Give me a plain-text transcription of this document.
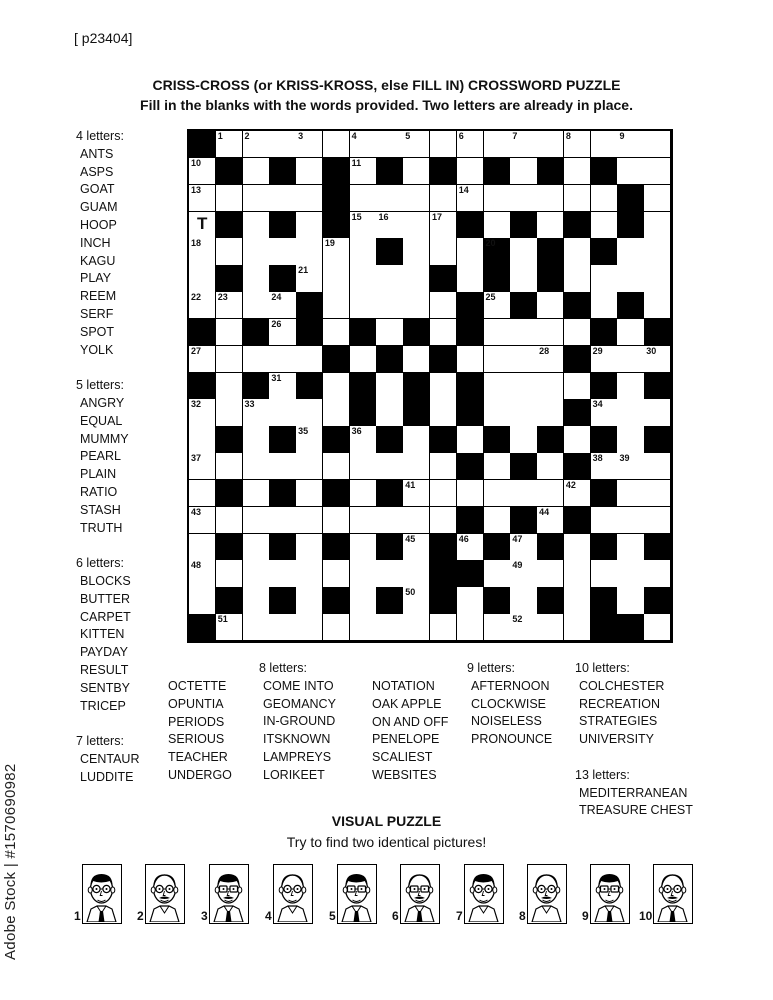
[ p23404]
CRISS-CROSS (or KRISS-KROSS, else FILL IN) CROSSWORD PUZZLE
Fill in the blanks with the words provided. Two letters are already in place.
1 2	3	4	5	6	7	8	9
10	11
13	14
T	15 16	17
18	19	20
21
22 23	24	25
26
27	28	29	30
31
32	33	34
35	36
37	38 39
41	42
43	44
45	46	47
48	49
50
51	52
4 letters:
ANTS
ASPS
GOAT
GUAM
HOOP
INCH
KAGU
PLAY
REEM
SERF
SPOT
YOLK
5 letters:
ANGRY
EQUAL
MUMMY
PEARL
PLAIN
RATIO
STASH
TRUTH
6 letters:
BLOCKS
BUTTER
CARPET
KITTEN
PAYDAY
RESULT
SENTBY
TRICEP
7 letters:
CENTAUR
LUDDITE
OCTETTE
OPUNTIA
PERIODS
SERIOUS
TEACHER
UNDERGO
8 letters:
COME INTO
GEOMANCY
IN-GROUND
ITSKNOWN
LAMPREYS
LORIKEET
NOTATION
OAK APPLE
ON AND OFF
PENELOPE
SCALIEST
WEBSITES
9 letters:
AFTERNOON
CLOCKWISE
NOISELESS
PRONOUNCE
10 letters:
COLCHESTER
RECREATION
STRATEGIES
UNIVERSITY
13 letters:
MEDITERRANEAN
TREASURE CHEST
VISUAL PUZZLE
Try to find two identical pictures!
1	2	3	4	5	6	7	8	9	10
Adobe Stock | #1570690982
